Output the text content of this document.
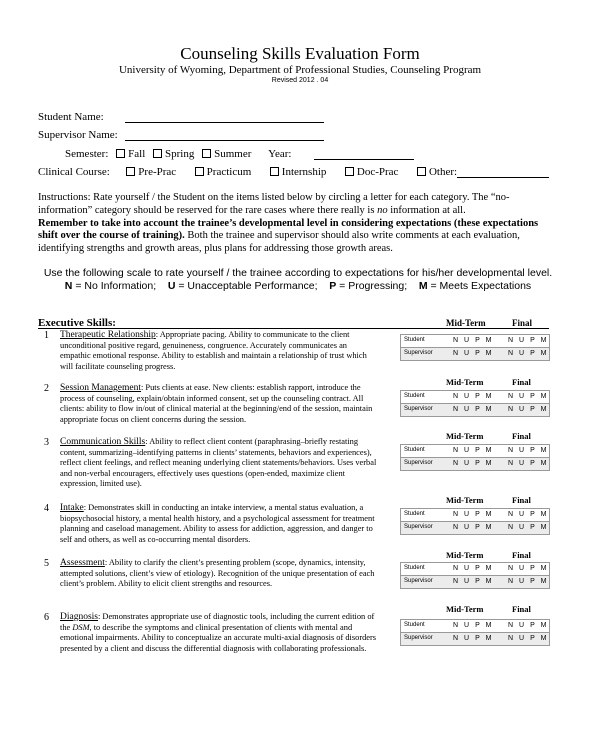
Counseling Skills Evaluation Form
University of Wyoming, Department of Professional Studies, Counseling Program
Revised 2012 . 04
Student Name:
Supervisor Name:
Semester: Fall Spring Summer Year:
Clinical Course:	Pre-Prac	Practicum	Internship	Doc-Prac	Other:

Instructions: Rate yourself / the Student on the items listed below by circling a letter for each category. The “no-information” category should be reserved for the rare cases where there really is no information at all.

Remember to take into account the trainee’s developmental level in considering expectations (these expectations shift over the course of training). Both the trainee and supervisor should also write comments at each evaluation, identifying strengths and growth areas, plus plans for addressing those growth areas.

Use the following scale to rate yourself / the trainee according to expectations for his/her developmental level.
N = No Information; U = Unacceptable Performance; P = Progressing; M = Meets Expectations
Executive Skills:	Mid-Term	Final
1 Therapeutic Relationship: Appropriate pacing. Ability to communicate to the client unconditional positive regard, genuineness, congruence. Accurately communicates an empathic emotional response. Ability to establish and maintain a relationship of trust which will facilitate counseling progress.
Student	N U P M	N U P M
Supervisor	N U P M	N U P M
2 Session Management: Puts clients at ease. New clients: establish rapport, introduce the process of counseling, explain/obtain informed consent, set up the counseling contract. All clients: ability to flow in/out of clinical material at the beginning/end of the session, maintain appropriate focus on client concerns during the session.
Mid-Term	Final
Student	N U P M	N U P M
Supervisor	N U P M	N U P M
3 Communication Skills: Ability to reflect client content (paraphrasing–briefly restating content, summarizing–identifying patterns in clients’ statements, behaviors and experiences), reflect client feelings, and reflect meaning underlying client statements/behaviors. Uses verbal and non-verbal encouragers, effectively uses questions (open-ended, maximize client expression, limited use).
Mid-Term	Final
Student	N U P M	N U P M
Supervisor	N U P M	N U P M
4 Intake: Demonstrates skill in conducting an intake interview, a mental status evaluation, a biopsychosocial history, a mental health history, and a psychological assessment for treatment planning and caseload management. Ability to assess for addiction, aggression, and danger to self and others, as well as co-occurring mental disorders.
Mid-Term	Final
Student	N U P M	N U P M
Supervisor	N U P M	N U P M
5 Assessment: Ability to clarify the client’s presenting problem (scope, dynamics, intensity, attempted solutions, client’s view of etiology). Recognition of the unique presentation of each client’s problem. Ability to elicit client strengths and resources.
Mid-Term	Final
Student	N U P M	N U P M
Supervisor	N U P M	N U P M
6 Diagnosis: Demonstrates appropriate use of diagnostic tools, including the current edition of the DSM, to describe the symptoms and clinical presentation of clients with mental and emotional impairments. Ability to conceptualize an accurate multi-axial diagnosis of disorders presented by a client and discuss the differential diagnosis with collaborating professionals.
Mid-Term	Final
Student	N U P M	N U P M
Supervisor	N U P M	N U P M
